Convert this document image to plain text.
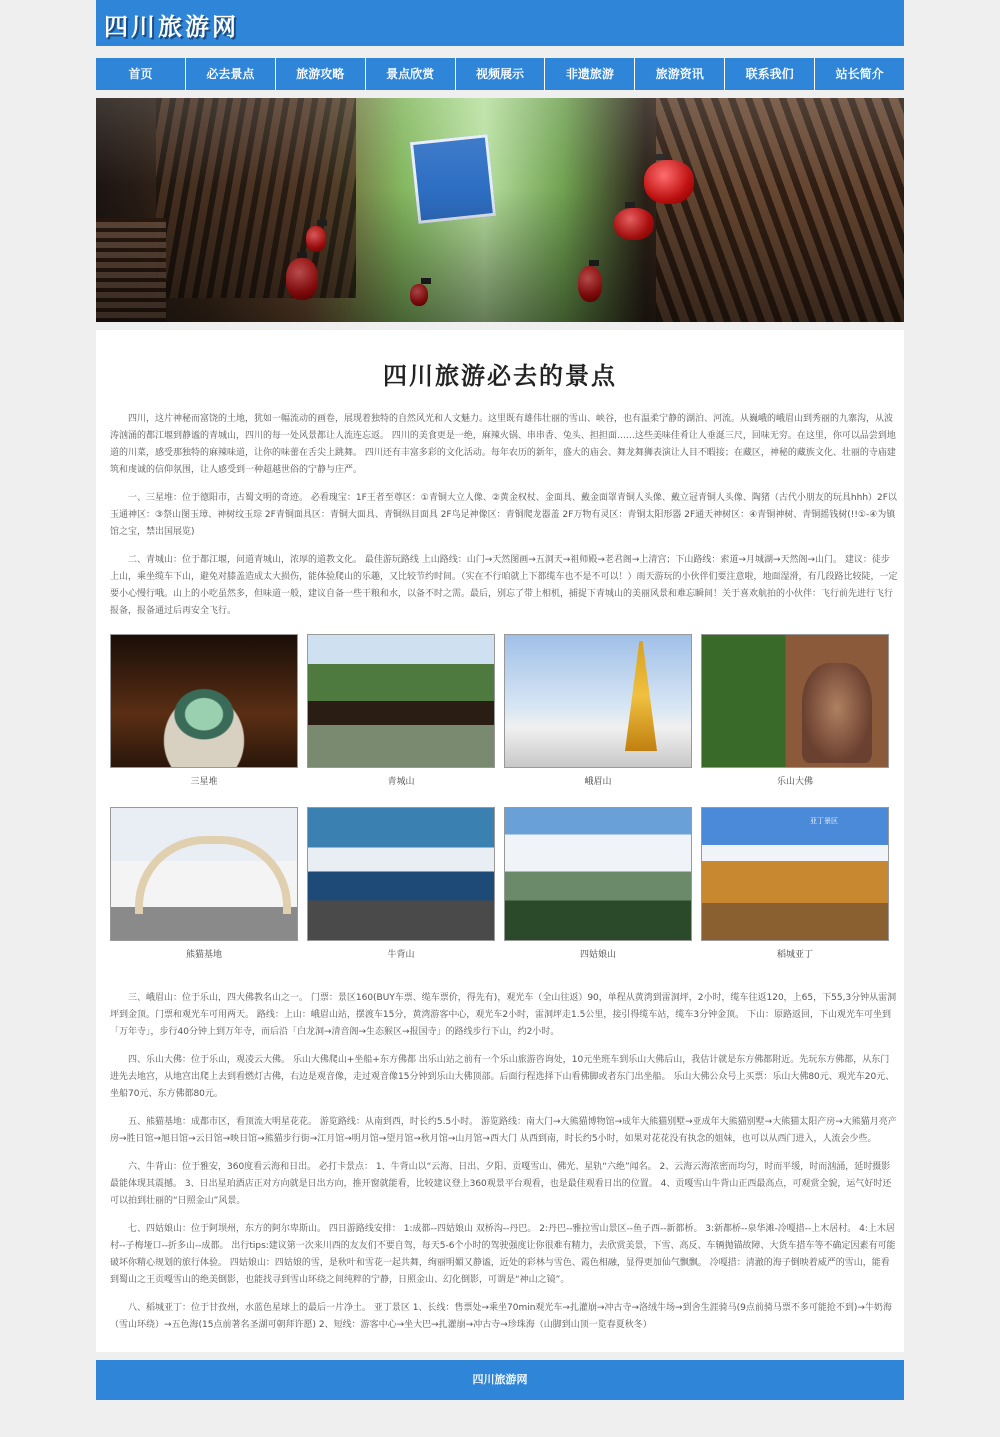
四川旅游网
首页	必去景点	旅游攻略	景点欣赏	视频展示	非遗旅游	旅游资讯	联系我们	站长简介
四川旅游必去的景点

四川，这片神秘而富饶的土地，犹如一幅流动的画卷，展现着独特的自然风光和人文魅力。这里既有雄伟壮丽的雪山、峡谷，也有温柔宁静的湖泊、河流。从巍峨的峨眉山到秀丽的九寨沟，从波涛汹涌的都江堰到静谧的青城山，四川的每一处风景都让人流连忘返。 四川的美食更是一绝，麻辣火锅、串串香、兔头、担担面……这些美味佳肴让人垂涎三尺，回味无穷。在这里，你可以品尝到地道的川菜，感受那独特的麻辣味道，让你的味蕾在舌尖上跳舞。 四川还有丰富多彩的文化活动。每年农历的新年，盛大的庙会、舞龙舞狮表演让人目不暇接；在藏区，神秘的藏族文化、壮丽的寺庙建筑和虔诚的信仰氛围，让人感受到一种超越世俗的宁静与庄严。

一、三星堆：位于德阳市，古蜀文明的奇迹。 必看瑰宝：1F王者至尊区：①青铜大立人像、②黄金权杖、金面具、戴金面罩青铜人头像、戴立冠青铜人头像、陶猪（古代小朋友的玩具hhh）2F以玉通神区：③祭山图玉璋、神树纹玉琮 2F青铜面具区：青铜大面具、青铜纵目面具 2F鸟足神像区：青铜爬龙器盖 2F万物有灵区：青铜太阳形器 2F通天神树区：④青铜神树、青铜摇钱树(!!①-④为镇馆之宝，禁出国展览)

二、青城山：位于都江堰，问道青城山，浓厚的道教文化。 最佳游玩路线 上山路线：山门→天然图画→五洞天→祖师殿→老君阁→上清宫；下山路线：索道→月城湖→天然阁→山门。 建议：徒步上山，乘坐缆车下山，避免对膝盖造成太大损伤，能体验爬山的乐趣，又比较节约时间。（实在不行咱就上下都缆车也不是不可以！）雨天游玩的小伙伴们要注意啦，地面湿滑，有几段路比较陡，一定要小心慢行哦。山上的小吃虽然多，但味道一般，建议自备一些干粮和水，以备不时之需。最后，别忘了带上相机，捕捉下青城山的美丽风景和难忘瞬间！关于喜欢航拍的小伙伴：飞行前先进行飞行报备，报备通过后再安全飞行。

三星堆	青城山	峨眉山	乐山大佛
熊猫基地	牛背山	四姑娘山
亚丁景区
稻城亚丁

三、峨眉山：位于乐山，四大佛教名山之一。 门票：景区160(BUY车票、缆车票价，得先有)，观光车（全山往返）90，单程从黄湾到雷洞坪，2小时，缆车往返120，上65，下55,3分钟从雷洞坪到金顶。门票和观光车可用两天。 路线：上山：峨眉山站，摆渡车15分，黄湾游客中心，观光车2小时，雷洞坪走1.5公里，接引得缆车站，缆车3分钟金顶。 下山：原路返回，下山观光车可坐到「万年寺」，步行40分钟上到万年寺，而后沿「白龙洞→清音阁→生态猴区→报国寺」的路线步行下山，约2小时。

四、乐山大佛：位于乐山，观凌云大佛。 乐山大佛爬山+坐船+东方佛都 出乐山站之前有一个乐山旅游咨询处，10元坐班车到乐山大佛后山，我估计就是东方佛都附近。先玩东方佛都，从东门进先去地宫，从地宫出爬上去到看燃灯古佛，右边是观音像，走过观音像15分钟到乐山大佛顶部。后面行程选择下山看佛脚或者东门出坐船。 乐山大佛公众号上买票：乐山大佛80元、观光车20元、坐船70元、东方佛都80元。

五、熊猫基地：成都市区，看顶流大明星花花。 游览路线：从南到西，时长约5.5小时。 游览路线：南大门→大熊猫博物馆→成年大熊猫别墅→亚成年大熊猫别墅→大熊猫太阳产房→大熊猫月亮产房→胜日馆→旭日馆→云日馆→映日馆→熊猫步行街→江月馆→明月馆→望月馆→秋月馆→山月馆→西大门 从西到南，时长约5小时，如果对花花没有执念的姐妹，也可以从西门进入，人流会少些。

六、牛背山：位于雅安，360度看云海和日出。 必打卡景点： 1、牛背山以“云海、日出、夕阳、贡嘎雪山、佛光、星轨“六绝”闻名。 2、云海云海浓密而均匀，时而平缓，时而汹涌，延时摄影最能体现其震撼。 3、日出星珀酒店正对方向就是日出方向，推开窗就能看，比较建议登上360观景平台观看，也是最佳观看日出的位置。 4、贡嘎雪山牛背山正西最高点，可观赏全貌，运气好时还可以拍到壮丽的“日照金山”风景。

七、四姑娘山：位于阿坝州，东方的阿尔卑斯山。 四日游路线安排： 1:成都--四姑娘山 双桥沟--丹巴。 2:丹巴--雅拉雪山景区--鱼子西--新都桥。 3:新都桥--泉华滩-冷嘎措--上木居村。 4:上木居村--子梅垭口--折多山--成都。 出行tips:建议第一次来川西的友友们不要自驾，每天5-6个小时的驾驶强度让你很难有精力，去欣赏美景，下雪、高反、车辆抛锚故障、大货车措车等不确定因素有可能破坏你精心规划的旅行体验。 四姑娘山：四姑娘的雪，是秋叶和雪花一起共舞，绚丽明媚又静谧，近处的彩林与雪色、霞色相融，显得更加仙气飘飘。 冷嘎措：清澈的海子倒映着威严的雪山，能看到蜀山之王贡嘎雪山的绝美倒影，也能找寻到雪山环绕之间纯粹的宁静，日照金山、幻化倒影，可谓是“神山之镜”。

八、稻城亚丁：位于甘孜州，水蓝色星球上的最后一片净土。 亚丁景区 1、长线：售票处→乘坐70min观光车→扎灌崩→冲古寺→洛绒牛场→到舍生涯骑马(9点前骑马票不多可能抢不到)→牛奶海（雪山环绕）→五色海(15点前著名圣湖可朝拜许愿) 2、短线：游客中心→坐大巴→扎灌崩→冲古寺→珍珠海（山脚到山顶一览春夏秋冬）

四川旅游网
